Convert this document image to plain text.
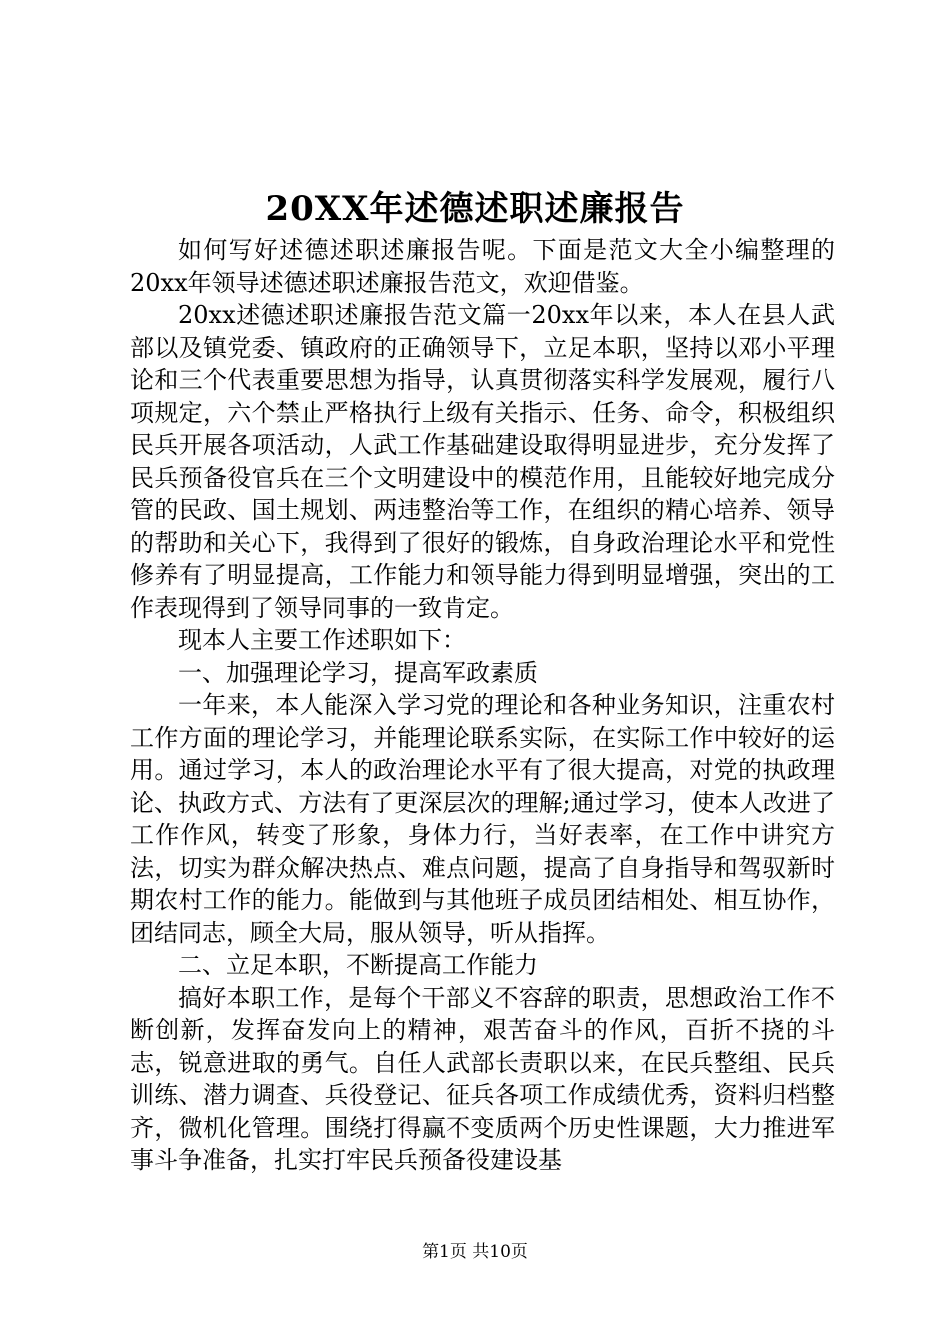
20XX年述德述职述廉报告

如何写好述德述职述廉报告呢。下面是范文大全小编整理的20xx年领导述德述职述廉报告范文，欢迎借鉴。

20xx述德述职述廉报告范文篇一20xx年以来，本人在县人武部以及镇党委、镇政府的正确领导下，立足本职，坚持以邓小平理论和三个代表重要思想为指导，认真贯彻落实科学发展观，履行八项规定，六个禁止严格执行上级有关指示、任务、命令，积极组织民兵开展各项活动，人武工作基础建设取得明显进步，充分发挥了民兵预备役官兵在三个文明建设中的模范作用，且能较好地完成分管的民政、国土规划、两违整治等工作，在组织的精心培养、领导的帮助和关心下，我得到了很好的锻炼，自身政治理论水平和党性修养有了明显提高，工作能力和领导能力得到明显增强，突出的工作表现得到了领导同事的一致肯定。

现本人主要工作述职如下：

一、加强理论学习，提高军政素质

一年来，本人能深入学习党的理论和各种业务知识，注重农村工作方面的理论学习，并能理论联系实际，在实际工作中较好的运用。通过学习，本人的政治理论水平有了很大提高，对党的执政理论、执政方式、方法有了更深层次的理解;通过学习，使本人改进了工作作风，转变了形象，身体力行，当好表率，在工作中讲究方法，切实为群众解决热点、难点问题，提高了自身指导和驾驭新时期农村工作的能力。能做到与其他班子成员团结相处、相互协作，团结同志，顾全大局，服从领导，听从指挥。

二、立足本职，不断提高工作能力

搞好本职工作，是每个干部义不容辞的职责，思想政治工作不断创新，发挥奋发向上的精神，艰苦奋斗的作风，百折不挠的斗志，锐意进取的勇气。自任人武部长责职以来，在民兵整组、民兵训练、潜力调查、兵役登记、征兵各项工作成绩优秀，资料归档整齐，微机化管理。围绕打得赢不变质两个历史性课题，大力推进军事斗争准备，扎实打牢民兵预备役建设基

第1页 共10页
